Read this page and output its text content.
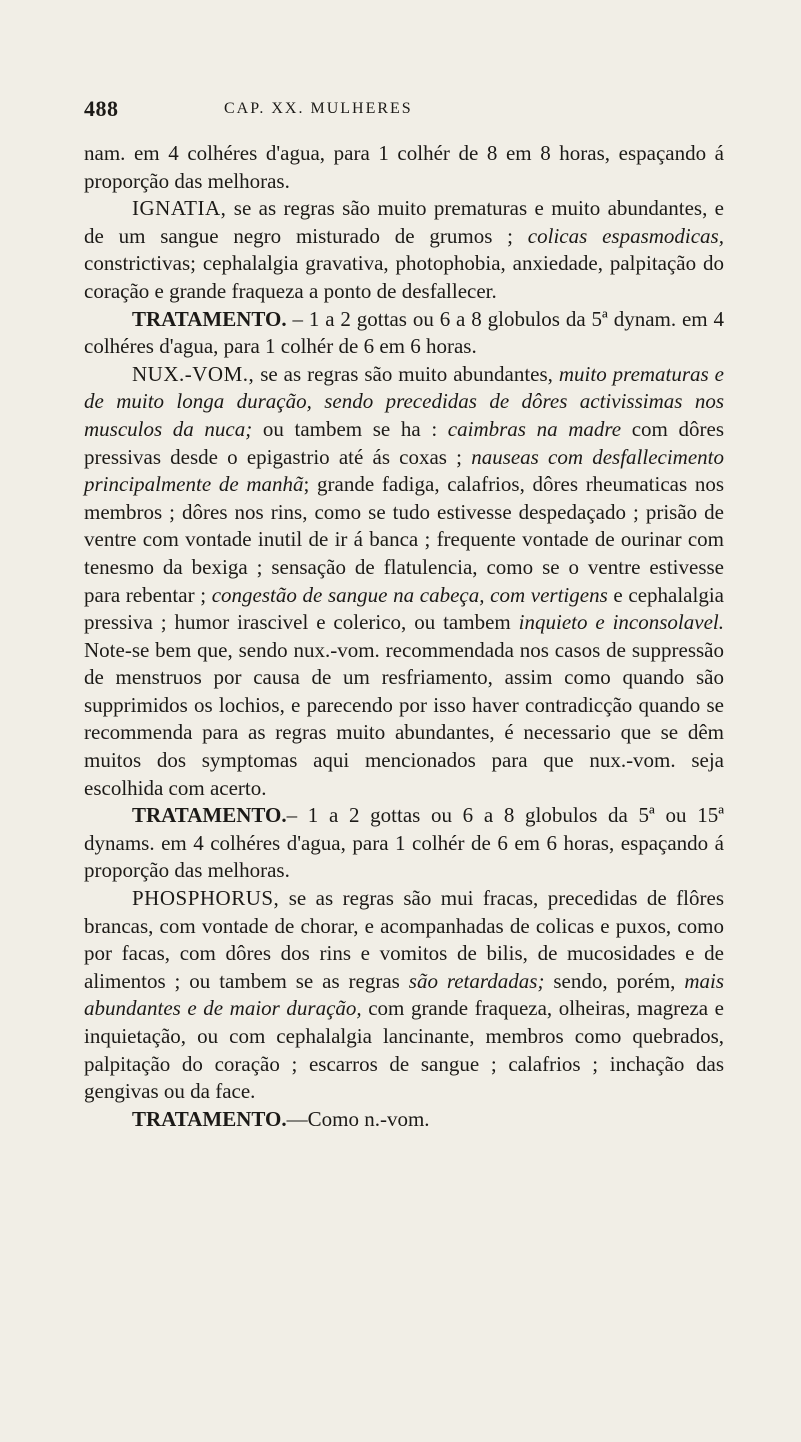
488	CAP. XX. MULHERES

nam. em 4 colhéres d'agua, para 1 colhér de 8 em 8 horas, espaçando á proporção das melhoras.

IGNATIA, se as regras são muito prematuras e muito abundantes, e de um sangue negro misturado de grumos ; colicas espasmodicas, constrictivas; cephalalgia gravativa, photophobia, anxiedade, palpitação do coração e grande fraqueza a ponto de desfallecer.

TRATAMENTO. – 1 a 2 gottas ou 6 a 8 globulos da 5ª dynam. em 4 colhéres d'agua, para 1 colhér de 6 em 6 horas.

NUX.-VOM., se as regras são muito abundantes, muito prematuras e de muito longa duração, sendo precedidas de dôres activissimas nos musculos da nuca; ou tambem se ha : caimbras na madre com dôres pressivas desde o epigastrio até ás coxas ; nauseas com desfallecimento principalmente de manhã; grande fadiga, calafrios, dôres rheumaticas nos membros ; dôres nos rins, como se tudo estivesse despedaçado ; prisão de ventre com vontade inutil de ir á banca ; frequente vontade de ourinar com tenesmo da bexiga ; sensação de flatulencia, como se o ventre estivesse para rebentar ; congestão de sangue na cabeça, com vertigens e cephalalgia pressiva ; humor irascivel e colerico, ou tambem inquieto e inconsolavel. Note-se bem que, sendo nux.-vom. recommendada nos casos de suppressão de menstruos por causa de um resfriamento, assim como quando são supprimidos os lochios, e parecendo por isso haver contradicção quando se recommenda para as regras muito abundantes, é necessario que se dêm muitos dos symptomas aqui mencionados para que nux.-vom. seja escolhida com acerto.

TRATAMENTO.– 1 a 2 gottas ou 6 a 8 globulos da 5ª ou 15ª dynams. em 4 colhéres d'agua, para 1 colhér de 6 em 6 horas, espaçando á proporção das melhoras.

PHOSPHORUS, se as regras são mui fracas, precedidas de flôres brancas, com vontade de chorar, e acompanhadas de colicas e puxos, como por facas, com dôres dos rins e vomitos de bilis, de mucosidades e de alimentos ; ou tambem se as regras são retardadas; sendo, porém, mais abundantes e de maior duração, com grande fraqueza, olheiras, magreza e inquietação, ou com cephalalgia lancinante, membros como quebrados, palpitação do coração ; escarros de sangue ; calafrios ; inchação das gengivas ou da face.

TRATAMENTO.—Como n.-vom.
